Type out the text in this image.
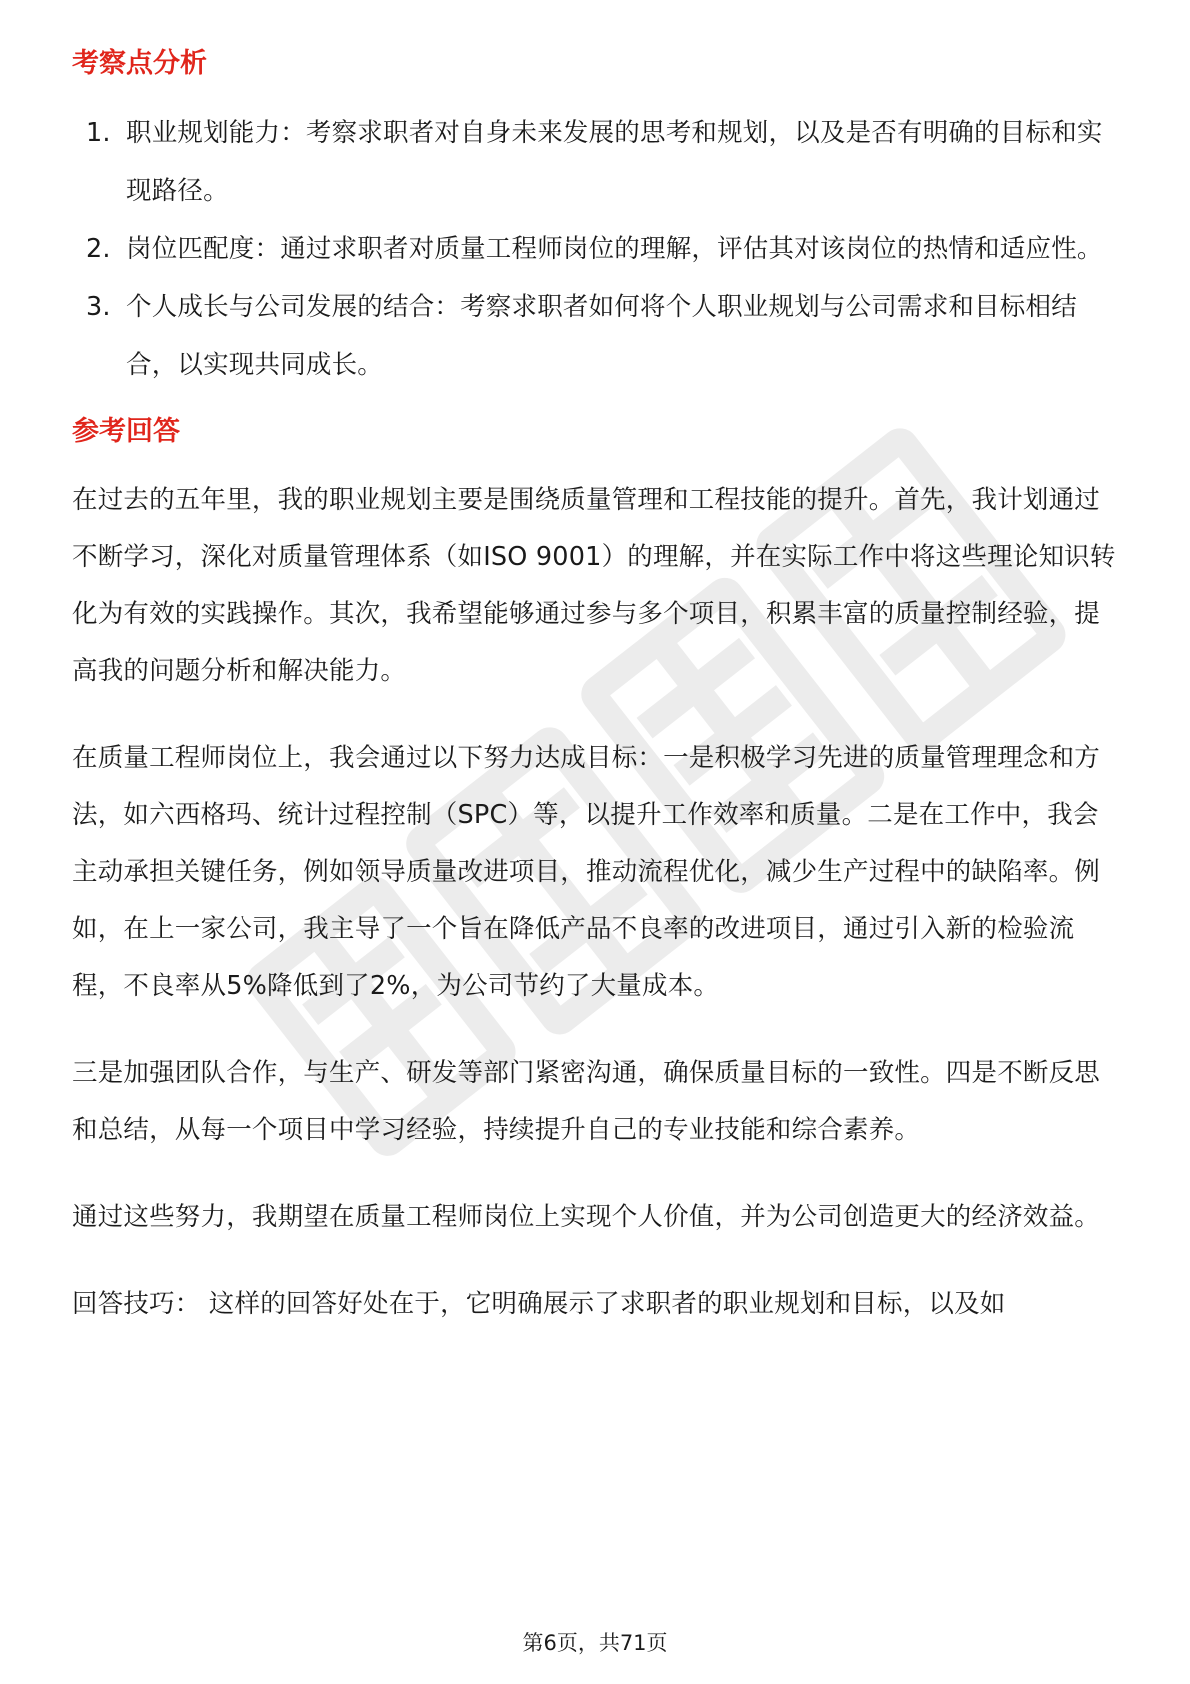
考察点分析
1. 职业规划能力：考察求职者对自身未来发展的思考和规划，以及是否有明确的目标和实现路径。
2. 岗位匹配度：通过求职者对质量工程师岗位的理解，评估其对该岗位的热情和适应性。
3. 个人成长与公司发展的结合：考察求职者如何将个人职业规划与公司需求和目标相结合，以实现共同成长。
参考回答

在过去的五年里，我的职业规划主要是围绕质量管理和工程技能的提升。首先，我计划通过不断学习，深化对质量管理体系（如ISO 9001）的理解，并在实际工作中将这些理论知识转化为有效的实践操作。其次，我希望能够通过参与多个项目，积累丰富的质量控制经验，提高我的问题分析和解决能力。

在质量工程师岗位上，我会通过以下努力达成目标：一是积极学习先进的质量管理理念和方法，如六西格玛、统计过程控制（SPC）等，以提升工作效率和质量。二是在工作中，我会主动承担关键任务，例如领导质量改进项目，推动流程优化，减少生产过程中的缺陷率。例如，在上一家公司，我主导了一个旨在降低产品不良率的改进项目，通过引入新的检验流程，不良率从5%降低到了2%，为公司节约了大量成本。

三是加强团队合作，与生产、研发等部门紧密沟通，确保质量目标的一致性。四是不断反思和总结，从每一个项目中学习经验，持续提升自己的专业技能和综合素养。

通过这些努力，我期望在质量工程师岗位上实现个人价值，并为公司创造更大的经济效益。

回答技巧： 这样的回答好处在于，它明确展示了求职者的职业规划和目标，以及如

第6页，共71页
